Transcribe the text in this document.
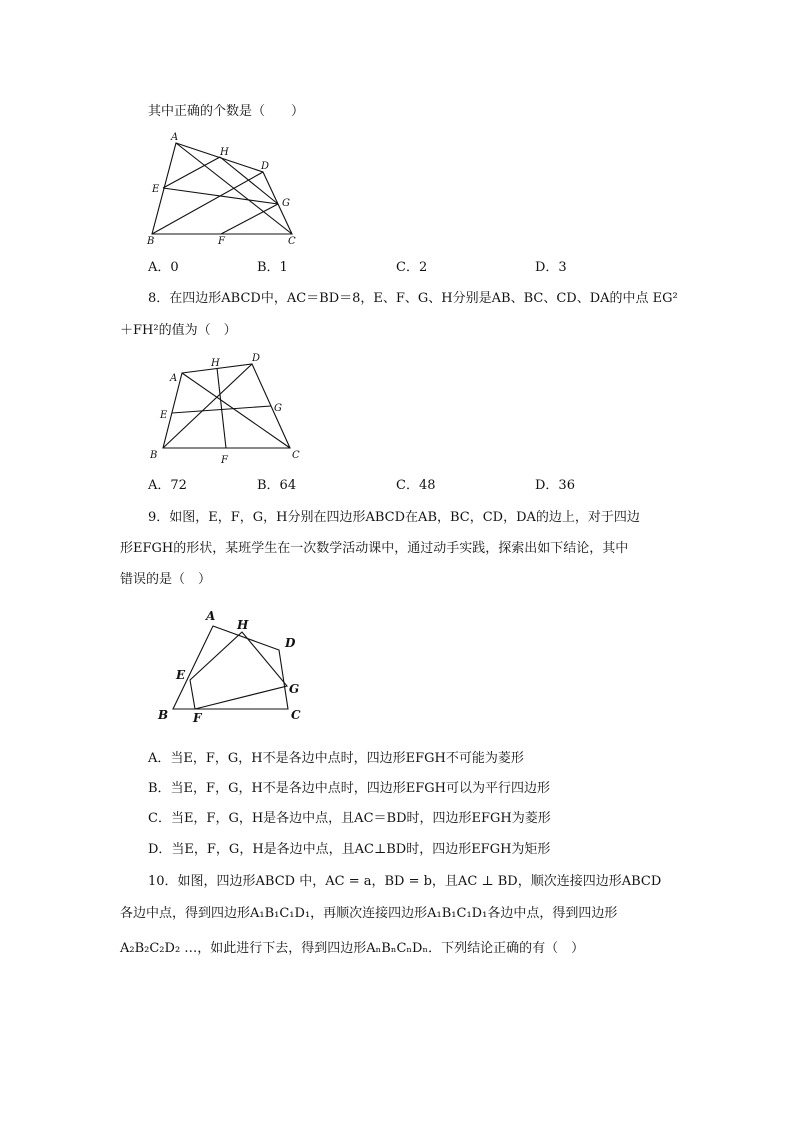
其中正确的个数是（　　）
A
H
D
E
G
B	F	C
A．0	B．1	C．2	D．3
8．在四边形ABCD中，AC＝BD＝8，E、F、G、H分别是AB、BC、CD、DA的中点 EG²
＋FH²的值为（　）
A
H	D
E
G
B	F	C
A．72	B．64	C．48	D．36
9．如图，E，F，G，H分别在四边形ABCD在AB，BC，CD，DA的边上，对于四边
形EFGH的形状，某班学生在一次数学活动课中，通过动手实践，探索出如下结论，其中
错误的是（　）
A
H
D
E
G
B F	C
A．当E，F，G，H不是各边中点时，四边形EFGH不可能为菱形
B．当E，F，G，H不是各边中点时，四边形EFGH可以为平行四边形
C．当E，F，G，H是各边中点，且AC＝BD时，四边形EFGH为菱形
D．当E，F，G，H是各边中点，且AC⊥BD时，四边形EFGH为矩形
10．如图，四边形ABCD 中，AC = a，BD = b，且AC ⊥ BD，顺次连接四边形ABCD
各边中点，得到四边形A₁B₁C₁D₁，再顺次连接四边形A₁B₁C₁D₁各边中点，得到四边形
A₂B₂C₂D₂ …，如此进行下去，得到四边形AₙBₙCₙDₙ．下列结论正确的有（　）
